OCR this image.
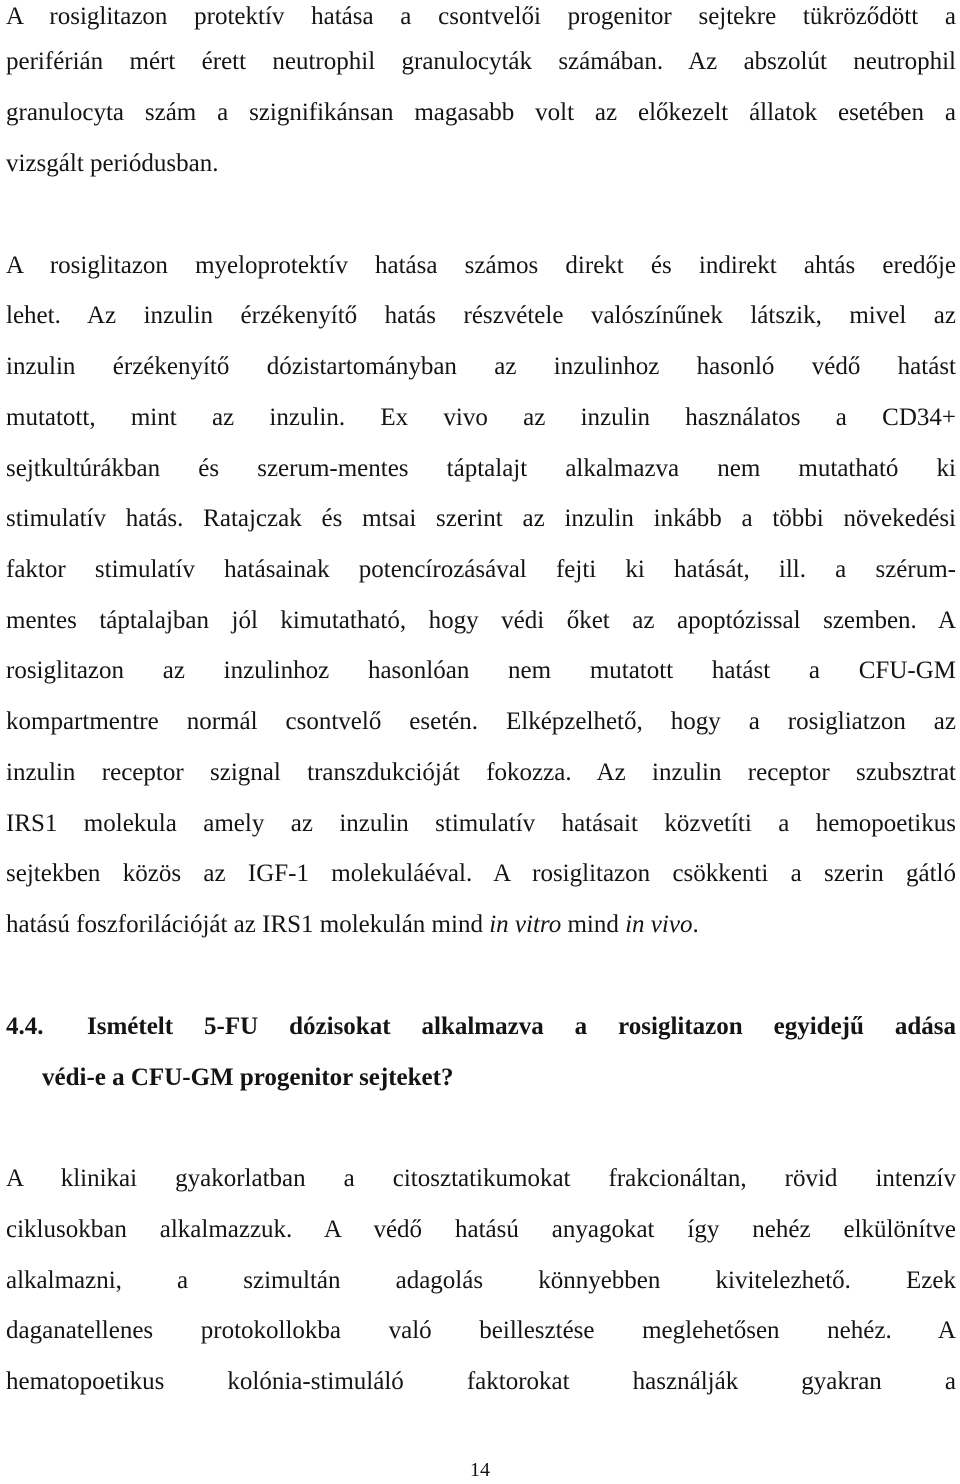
A rosiglitazon protektív hatása a csontvelői progenitor sejtekre tükröződött a
periférián mért érett neutrophil granulocyták számában. Az abszolút neutrophil
granulocyta szám a szignifikánsan magasabb volt az előkezelt állatok esetében a
vizsgált periódusban.
A rosiglitazon myeloprotektív hatása számos direkt és indirekt ahtás eredője
lehet. Az inzulin érzékenyítő hatás részvétele valószínűnek látszik, mivel az
inzulin érzékenyítő dózistartományban az inzulinhoz hasonló védő hatást
mutatott, mint az inzulin. Ex vivo az inzulin használatos a CD34+
sejtkultúrákban és szerum-mentes táptalajt alkalmazva nem mutatható ki
stimulatív hatás. Ratajczak és mtsai szerint az inzulin inkább a többi növekedési
faktor stimulatív hatásainak potencírozásával fejti ki hatását, ill. a szérum-
mentes táptalajban jól kimutatható, hogy védi őket az apoptózissal szemben. A
rosiglitazon az inzulinhoz hasonlóan nem mutatott hatást a CFU-GM
kompartmentre normál csontvelő esetén. Elképzelhető, hogy a rosigliatzon az
inzulin receptor szignal transzdukcióját fokozza. Az inzulin receptor szubsztrat
IRS1 molekula amely az inzulin stimulatív hatásait közvetíti a hemopoetikus
sejtekben közös az IGF-1 molekuláéval. A rosiglitazon csökkenti a szerin gátló
hatású foszforilációját az IRS1 molekulán mind in vitro mind in vivo.
4.4. Ismételt 5-FU dózisokat alkalmazva a rosiglitazon egyidejű adása
védi-e a CFU-GM progenitor sejteket?
A klinikai gyakorlatban a citosztatikumokat frakcionáltan, rövid intenzív
ciklusokban alkalmazzuk. A védő hatású anyagokat így nehéz elkülönítve
alkalmazni, a szimultán adagolás könnyebben kivitelezhető. Ezek
daganatellenes protokollokba való beillesztése meglehetősen nehéz. A
hematopoetikus kolónia-stimuláló faktorokat használják gyakran a
14
